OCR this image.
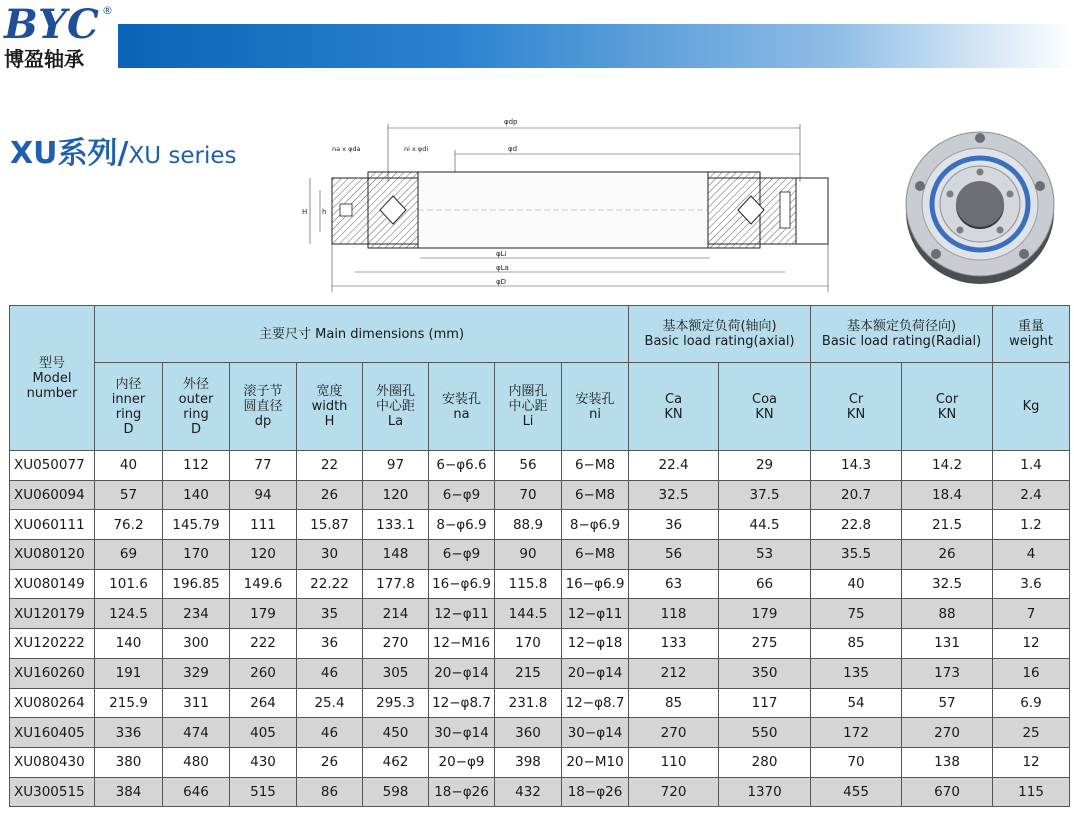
BYC ®
博盈轴承
XU系列/XU series
φdp
φd
na x φda	ni x φdi
H h
φLi
φLa
φD
型号
Model
number	主要尺寸 Main dimensions (mm)								基本额定负荷(轴向)
Basic load rating(axial)		基本额定负荷径向)
Basic load rating(Radial)		重量
weight
	内径
inner
ring
D	外径
outer
ring
D	滚子节
圆直径
dp	宽度
width
H	外圈孔
中心距
La	安装孔
na	内圈孔
中心距
Li	安装孔
ni	Ca
KN	Coa
KN	Cr
KN	Cor
KN	Kg
XU050077	40	112	77	22	97	6−φ6.6	56	6−M8	22.4	29	14.3	14.2	1.4
XU060094	57	140	94	26	120	6−φ9	70	6−M8	32.5	37.5	20.7	18.4	2.4
XU060111	76.2	145.79	111	15.87	133.1	8−φ6.9	88.9	8−φ6.9	36	44.5	22.8	21.5	1.2
XU080120	69	170	120	30	148	6−φ9	90	6−M8	56	53	35.5	26	4
XU080149	101.6	196.85	149.6	22.22	177.8	16−φ6.9	115.8	16−φ6.9	63	66	40	32.5	3.6
XU120179	124.5	234	179	35	214	12−φ11	144.5	12−φ11	118	179	75	88	7
XU120222	140	300	222	36	270	12−M16	170	12−φ18	133	275	85	131	12
XU160260	191	329	260	46	305	20−φ14	215	20−φ14	212	350	135	173	16
XU080264	215.9	311	264	25.4	295.3	12−φ8.7	231.8	12−φ8.7	85	117	54	57	6.9
XU160405	336	474	405	46	450	30−φ14	360	30−φ14	270	550	172	270	25
XU080430	380	480	430	26	462	20−φ9	398	20−M10	110	280	70	138	12
XU300515	384	646	515	86	598	18−φ26	432	18−φ26	720	1370	455	670	115
